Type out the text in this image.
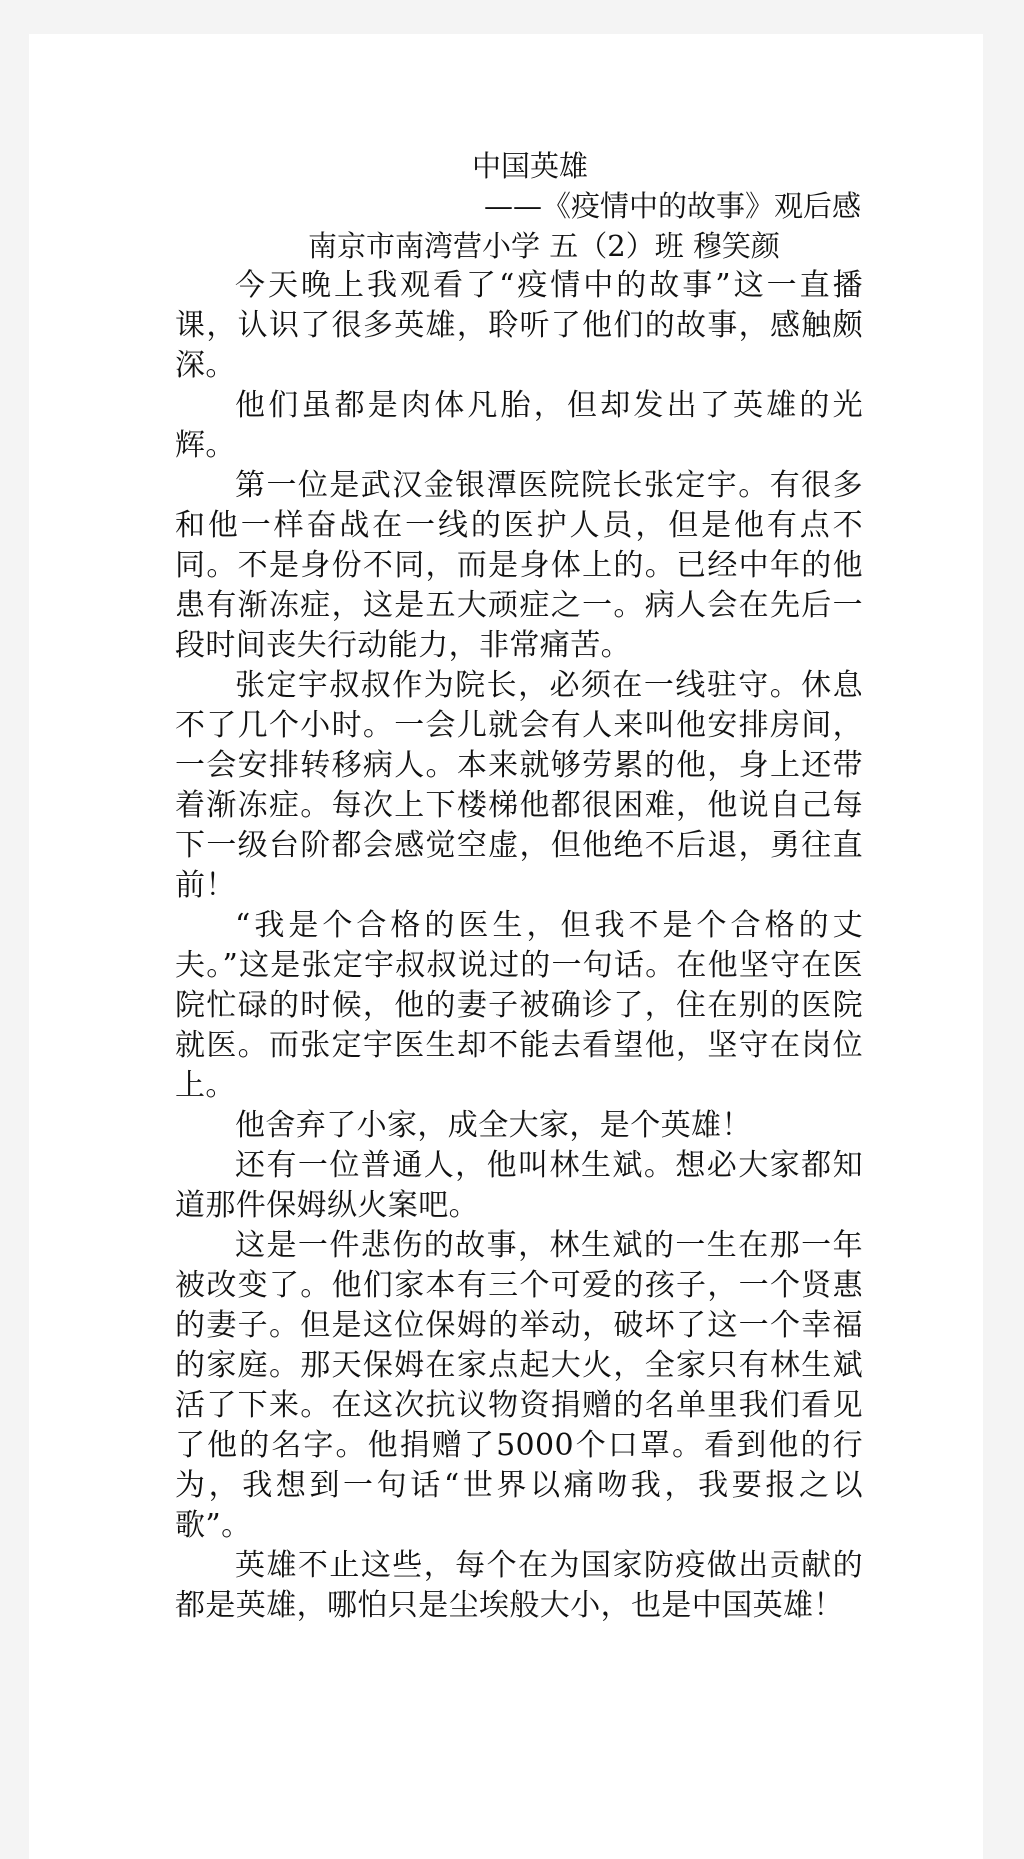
中国英雄
——《疫情中的故事》观后感
南京市南湾营小学 五（2）班 穆笑颜

今天晚上我观看了“疫情中的故事”这一直播课，认识了很多英雄，聆听了他们的故事，感触颇深。

他们虽都是肉体凡胎，但却发出了英雄的光辉。

第一位是武汉金银潭医院院长张定宇。有很多和他一样奋战在一线的医护人员，但是他有点不同。不是身份不同，而是身体上的。已经中年的他患有渐冻症，这是五大顽症之一。病人会在先后一段时间丧失行动能力，非常痛苦。

张定宇叔叔作为院长，必须在一线驻守。休息不了几个小时。一会儿就会有人来叫他安排房间，一会安排转移病人。本来就够劳累的他，身上还带着渐冻症。每次上下楼梯他都很困难，他说自己每下一级台阶都会感觉空虚，但他绝不后退，勇往直前！

“我是个合格的医生，但我不是个合格的丈夫。”这是张定宇叔叔说过的一句话。在他坚守在医院忙碌的时候，他的妻子被确诊了，住在别的医院就医。而张定宇医生却不能去看望他，坚守在岗位上。

他舍弃了小家，成全大家，是个英雄！

还有一位普通人，他叫林生斌。想必大家都知道那件保姆纵火案吧。

这是一件悲伤的故事，林生斌的一生在那一年被改变了。他们家本有三个可爱的孩子，一个贤惠的妻子。但是这位保姆的举动，破坏了这一个幸福的家庭。那天保姆在家点起大火，全家只有林生斌活了下来。在这次抗议物资捐赠的名单里我们看见了他的名字。他捐赠了5000个口罩。看到他的行为，我想到一句话“世界以痛吻我，我要报之以歌”。

英雄不止这些，每个在为国家防疫做出贡献的都是英雄，哪怕只是尘埃般大小，也是中国英雄！
